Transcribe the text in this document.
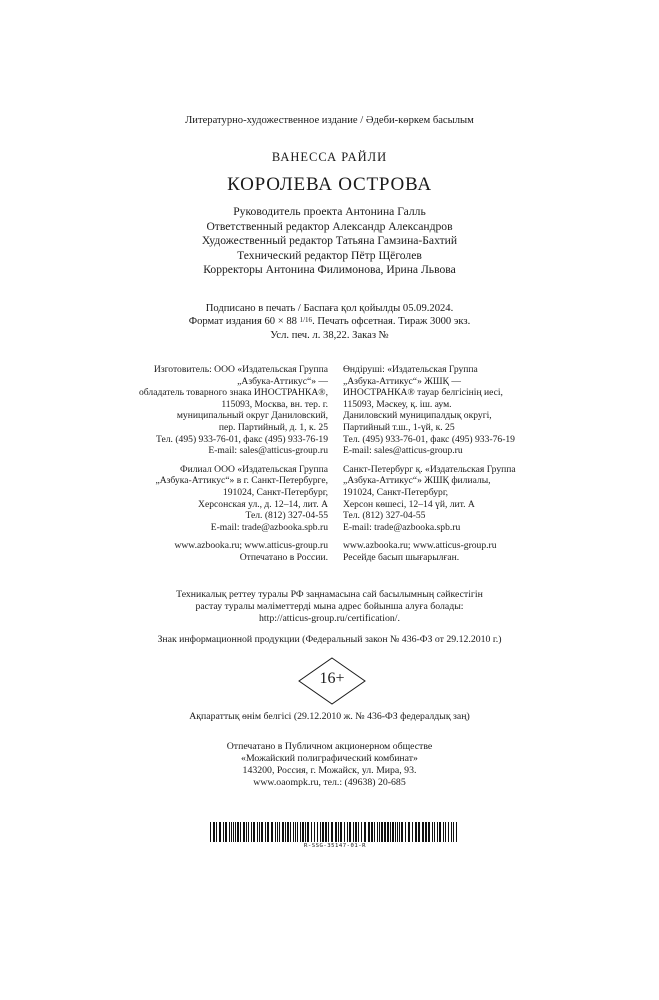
Литературно-художественное издание / Әдеби-көркем басылым
ВАНЕССА РАЙЛИ
КОРОЛЕВА ОСТРОВА
Руководитель проекта Антонина Галль
Ответственный редактор Александр Александров
Художественный редактор Татьяна Гамзина-Бахтий
Технический редактор Пётр Щёголев
Корректоры Антонина Филимонова, Ирина Львова
Подписано в печать / Баспаға қол қойылды 05.09.2024.
Формат издания 60 × 88 $^{1/16}$. Печать офсетная. Тираж 3000 экз.
Усл. печ. л. 38,22. Заказ №
Изготовитель: ООО «Издательская Группа
„Азбука-Аттикус“» —
обладатель товарного знака ИНОСТРАНКА®,
115093, Москва, вн. тер. г.
муниципальный округ Даниловский,
пер. Партийный, д. 1, к. 25
Тел. (495) 933-76-01, факс (495) 933-76-19
E-mail: sales@atticus-group.ru
Филиал ООО «Издательская Группа
„Азбука-Аттикус“» в г. Санкт-Петербурге,
191024, Санкт-Петербург,
Херсонская ул., д. 12–14, лит. А
Тел. (812) 327-04-55
E-mail: trade@azbooka.spb.ru
www.azbooka.ru; www.atticus-group.ru
Отпечатано в России.
Өндіруші: «Издательская Группа
„Азбука-Аттикус“» ЖШҚ —
ИНОСТРАНКА® тауар белгісінің иесі,
115093, Мәскеу, қ. іш. аум.
Даниловский муниципалдық округі,
Партийный т.ш., 1-үй, к. 25
Тел. (495) 933-76-01, факс (495) 933-76-19
E-mail: sales@atticus-group.ru
Санкт-Петербург қ. «Издательская Группа
„Азбука-Аттикус“» ЖШҚ филиалы,
191024, Санкт-Петербург,
Херсон көшесі, 12–14 үй, лит. А
Тел. (812) 327-04-55
E-mail: trade@azbooka.spb.ru
www.azbooka.ru; www.atticus-group.ru
Ресейде басып шығарылған.
Техникалық реттеу туралы РФ заңнамасына сай басылымның сәйкестігін
растау туралы мәліметтерді мына адрес бойынша алуға болады:
http://atticus-group.ru/certification/.
Знак информационной продукции (Федеральный закон № 436-ФЗ от 29.12.2010 г.)
16+
Ақпараттық өнім белгісі (29.12.2010 ж. № 436-ФЗ федералдық заң)
Отпечатано в Публичном акционерном обществе
«Можайский полиграфический комбинат»
143200, Россия, г. Можайск, ул. Мира, 93.
www.oaompk.ru, тел.: (49638) 20-685
R-SSG-35147-01-R
